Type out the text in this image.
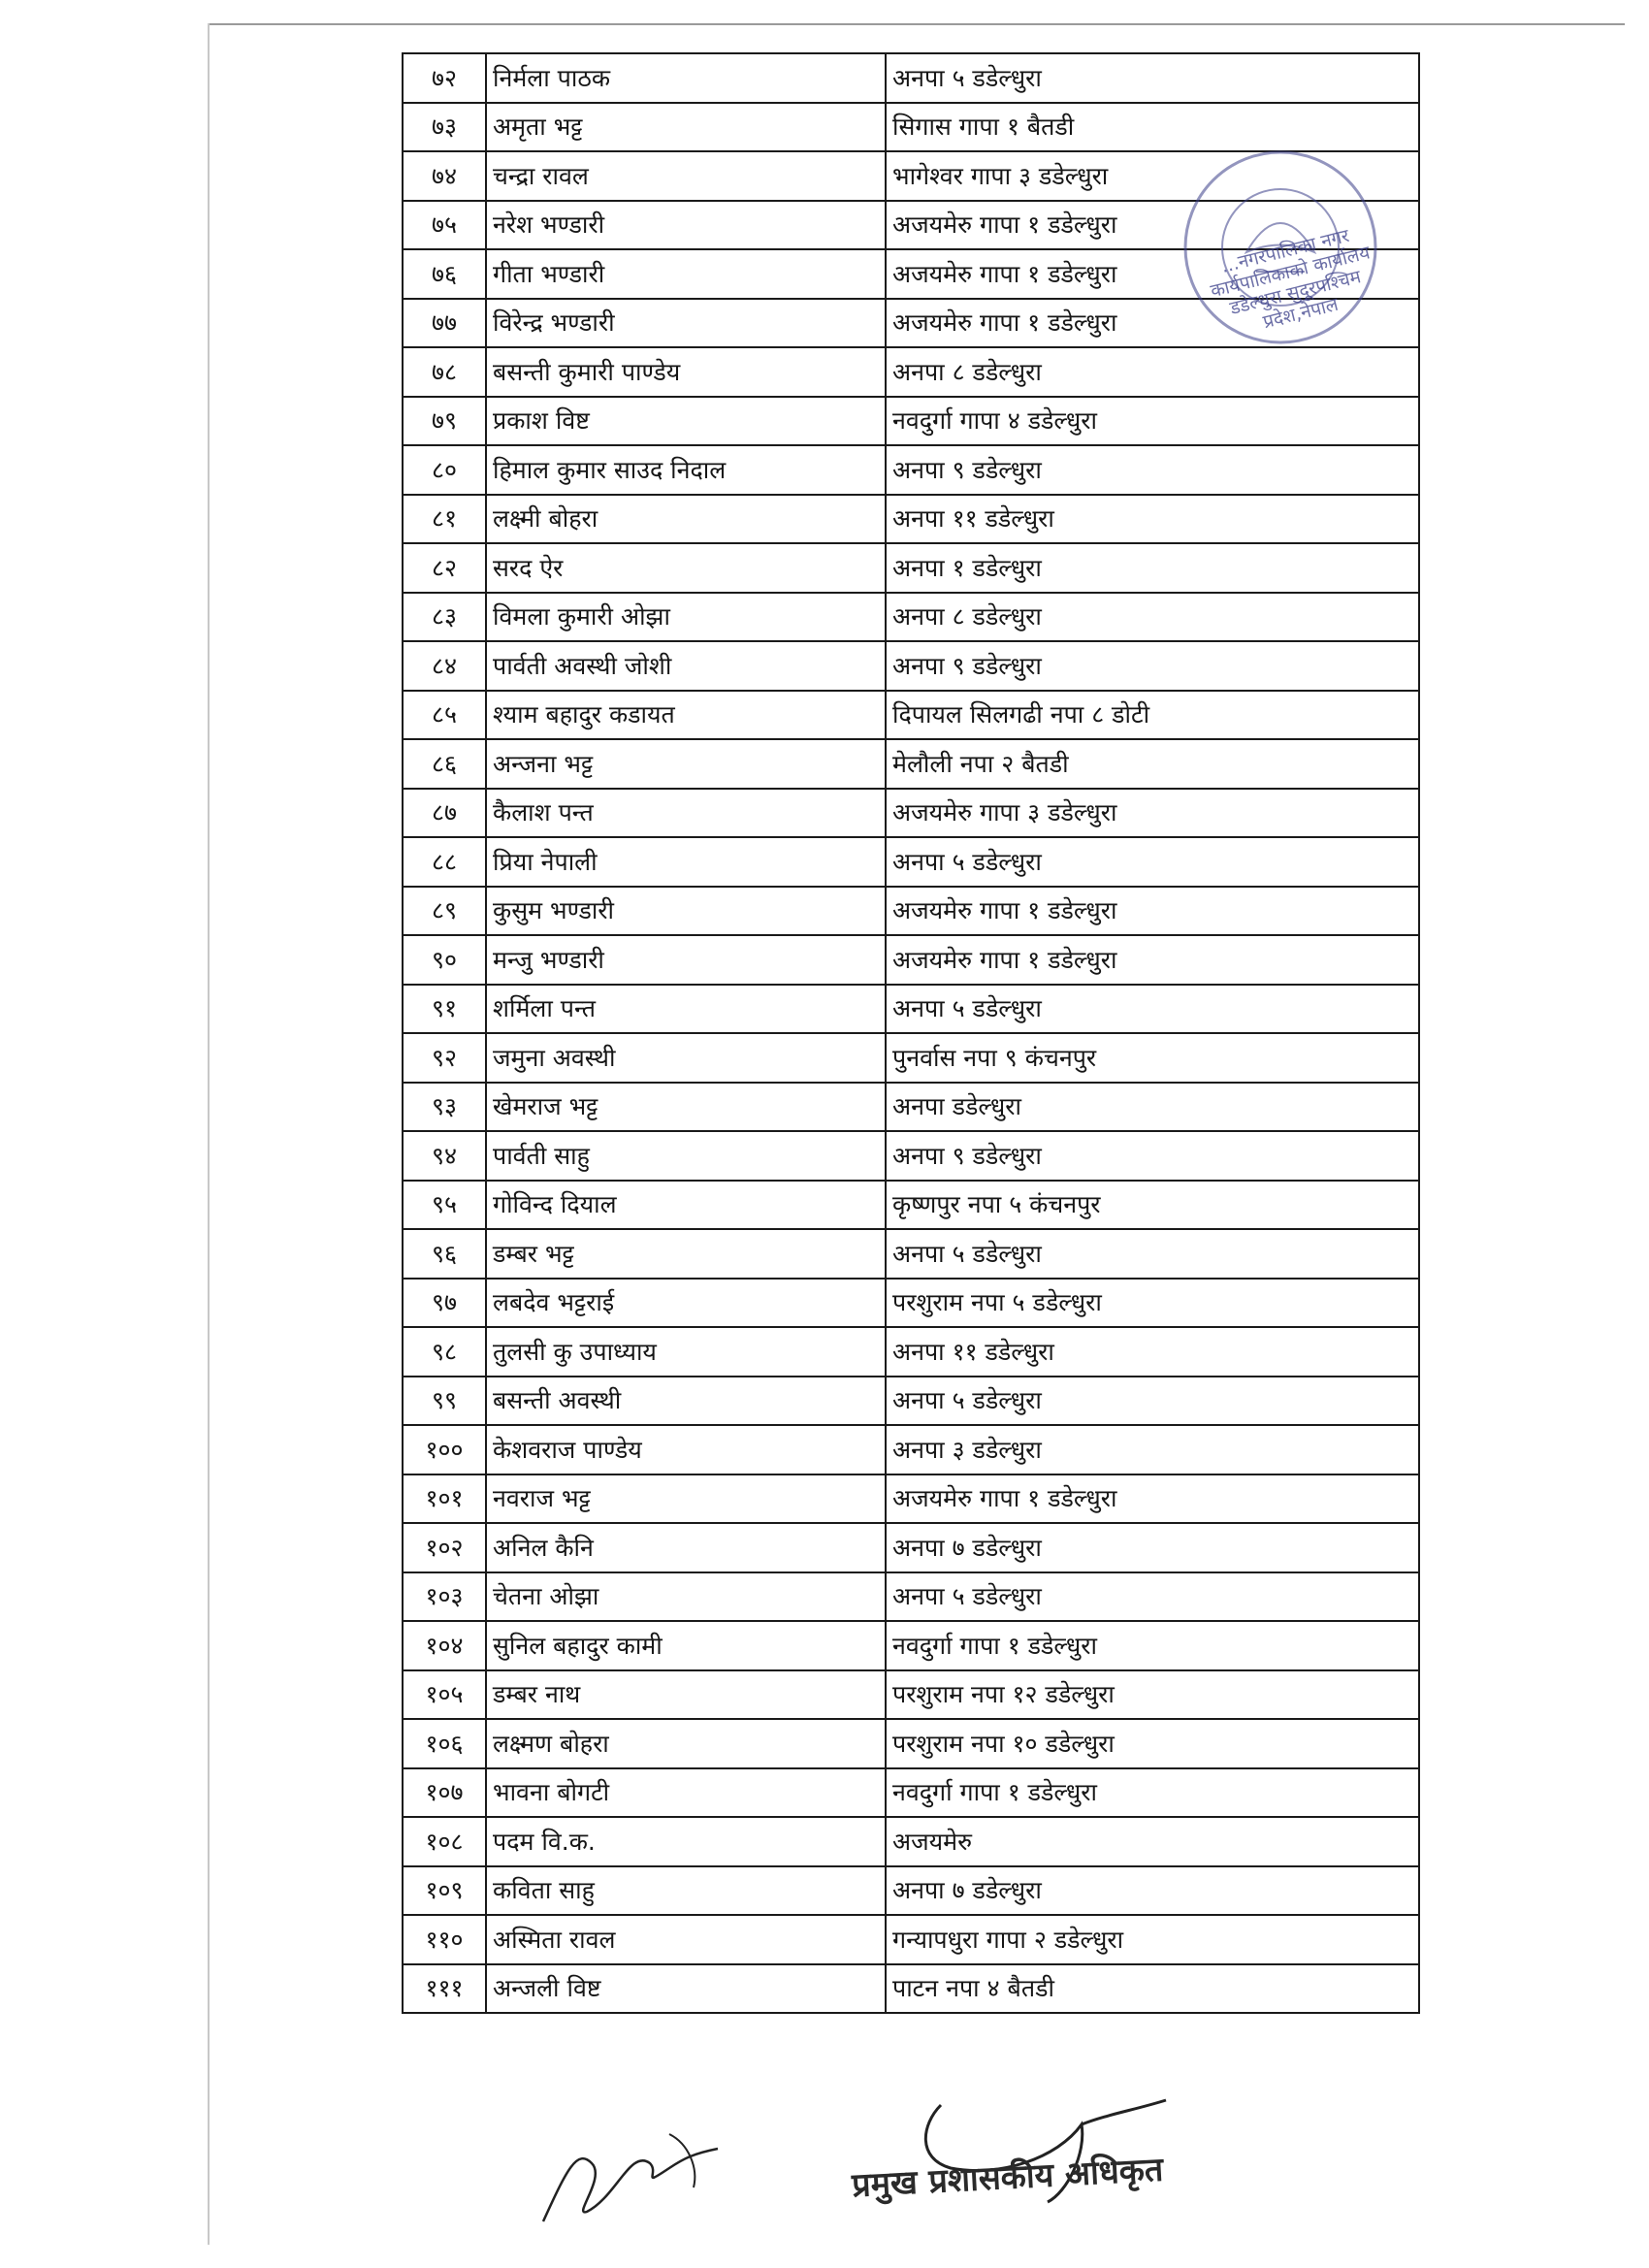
७२	निर्मला पाठक	अनपा ५ डडेल्धुरा
७३	अमृता भट्ट	सिगास गापा १ बैतडी
७४	चन्द्रा रावल	भागेश्वर गापा ३ डडेल्धुरा
७५	नरेश भण्डारी	अजयमेरु गापा १ डडेल्धुरा
७६	गीता भण्डारी	अजयमेरु गापा १ डडेल्धुरा
७७	विरेन्द्र भण्डारी	अजयमेरु गापा १ डडेल्धुरा
७८	बसन्ती कुमारी पाण्डेय	अनपा ८ डडेल्धुरा
७९	प्रकाश विष्ट	नवदुर्गा गापा ४ डडेल्धुरा
८०	हिमाल कुमार साउद निदाल	अनपा ९ डडेल्धुरा
८१	लक्ष्मी बोहरा	अनपा ११ डडेल्धुरा
८२	सरद ऐर	अनपा १ डडेल्धुरा
८३	विमला कुमारी ओझा	अनपा ८ डडेल्धुरा
८४	पार्वती अवस्थी जोशी	अनपा ९ डडेल्धुरा
८५	श्याम बहादुर कडायत	दिपायल सिलगढी नपा ८ डोटी
८६	अन्जना भट्ट	मेलौली नपा २ बैतडी
८७	कैलाश पन्त	अजयमेरु गापा ३ डडेल्धुरा
८८	प्रिया नेपाली	अनपा ५ डडेल्धुरा
८९	कुसुम भण्डारी	अजयमेरु गापा १ डडेल्धुरा
९०	मन्जु भण्डारी	अजयमेरु गापा १ डडेल्धुरा
९१	शर्मिला पन्त	अनपा ५ डडेल्धुरा
९२	जमुना अवस्थी	पुनर्वास नपा ९ कंचनपुर
९३	खेमराज भट्ट	अनपा डडेल्धुरा
९४	पार्वती साहु	अनपा ९ डडेल्धुरा
९५	गोविन्द दियाल	कृष्णपुर नपा ५ कंचनपुर
९६	डम्बर भट्ट	अनपा ५ डडेल्धुरा
९७	लबदेव भट्टराई	परशुराम नपा ५ डडेल्धुरा
९८	तुलसी कु उपाध्याय	अनपा ११ डडेल्धुरा
९९	बसन्ती अवस्थी	अनपा ५ डडेल्धुरा
१००	केशवराज पाण्डेय	अनपा ३ डडेल्धुरा
१०१	नवराज भट्ट	अजयमेरु गापा १ डडेल्धुरा
१०२	अनिल कैनि	अनपा ७ डडेल्धुरा
१०३	चेतना ओझा	अनपा ५ डडेल्धुरा
१०४	सुनिल बहादुर कामी	नवदुर्गा गापा १ डडेल्धुरा
१०५	डम्बर नाथ	परशुराम नपा १२ डडेल्धुरा
१०६	लक्ष्मण बोहरा	परशुराम नपा १० डडेल्धुरा
१०७	भावना बोगटी	नवदुर्गा गापा १ डडेल्धुरा
१०८	पदम वि.क.	अजयमेरु
१०९	कविता साहु	अनपा ७ डडेल्धुरा
११०	अस्मिता रावल	गन्यापधुरा गापा २ डडेल्धुरा
१११	अन्जली विष्ट	पाटन नपा ४ बैतडी
...नगरपालिका नगर कार्यपालिकाको कार्यालय डडेल्धुरा सुदूरपश्चिम प्रदेश,नेपाल
प्रमुख प्रशासकीय अधिकृत
